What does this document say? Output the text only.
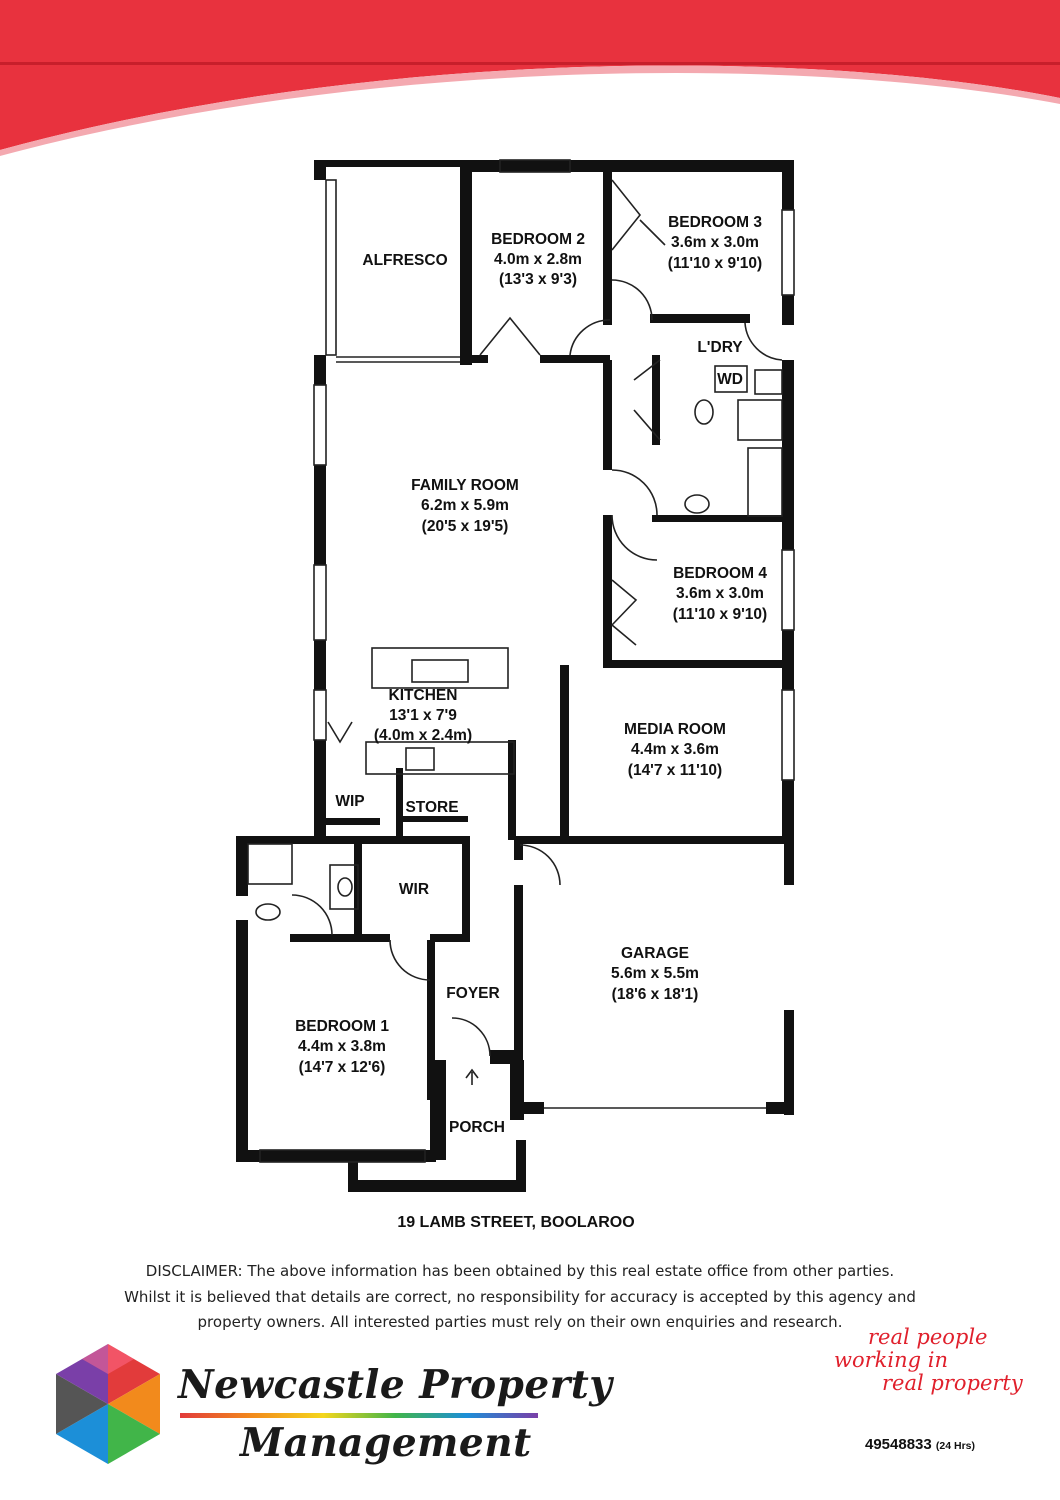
ALFRESCO
BEDROOM 2
4.0m x 2.8m
(13'3 x 9'3)
BEDROOM 3
3.6m x 3.0m
(11'10 x 9'10)
L'DRY
WD
FAMILY ROOM
6.2m x 5.9m
(20'5 x 19'5)
BEDROOM 4
3.6m x 3.0m
(11'10 x 9'10)
KITCHEN
13'1 x 7'9
(4.0m x 2.4m)	MEDIA ROOM
4.4m x 3.6m
(14'7 x 11'10)
WIP	STORE
WIR
GARAGE
5.6m x 5.5m
(18'6 x 18'1)
FOYER
BEDROOM 1
4.4m x 3.8m
(14'7 x 12'6)
PORCH
19 LAMB STREET, BOOLAROO
DISCLAIMER: The above information has been obtained by this real estate office from other parties.
Whilst it is believed that details are correct, no responsibility for accuracy is accepted by this agency and
property owners. All interested parties must rely on their own enquiries and research.
Newcastle Property
Management
real people
working in
real property
49548833 (24 Hrs)
